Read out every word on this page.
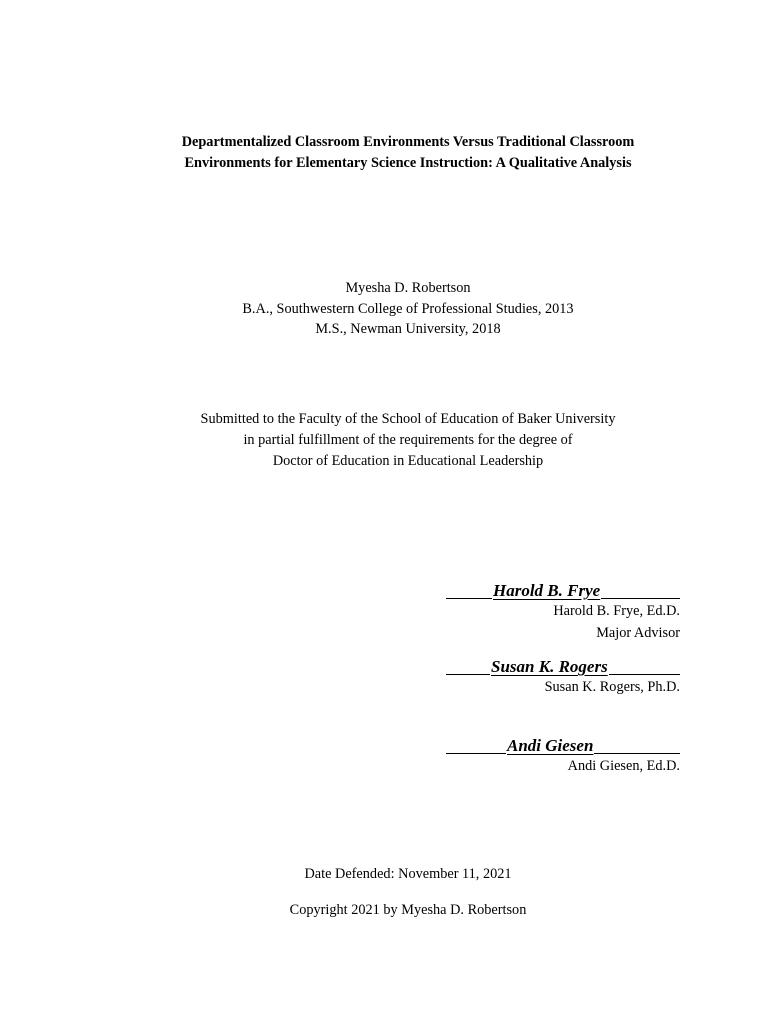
Departmentalized Classroom Environments Versus Traditional Classroom
Environments for Elementary Science Instruction: A Qualitative Analysis
Myesha D. Robertson
B.A., Southwestern College of Professional Studies, 2013
M.S., Newman University, 2018
Submitted to the Faculty of the School of Education of Baker University
in partial fulfillment of the requirements for the degree of
Doctor of Education in Educational Leadership
Harold B. Frye
Harold B. Frye, Ed.D.
Major Advisor
Susan K. Rogers
Susan K. Rogers, Ph.D.
Andi Giesen
Andi Giesen, Ed.D.
Date Defended: November 11, 2021
Copyright 2021 by Myesha D. Robertson
